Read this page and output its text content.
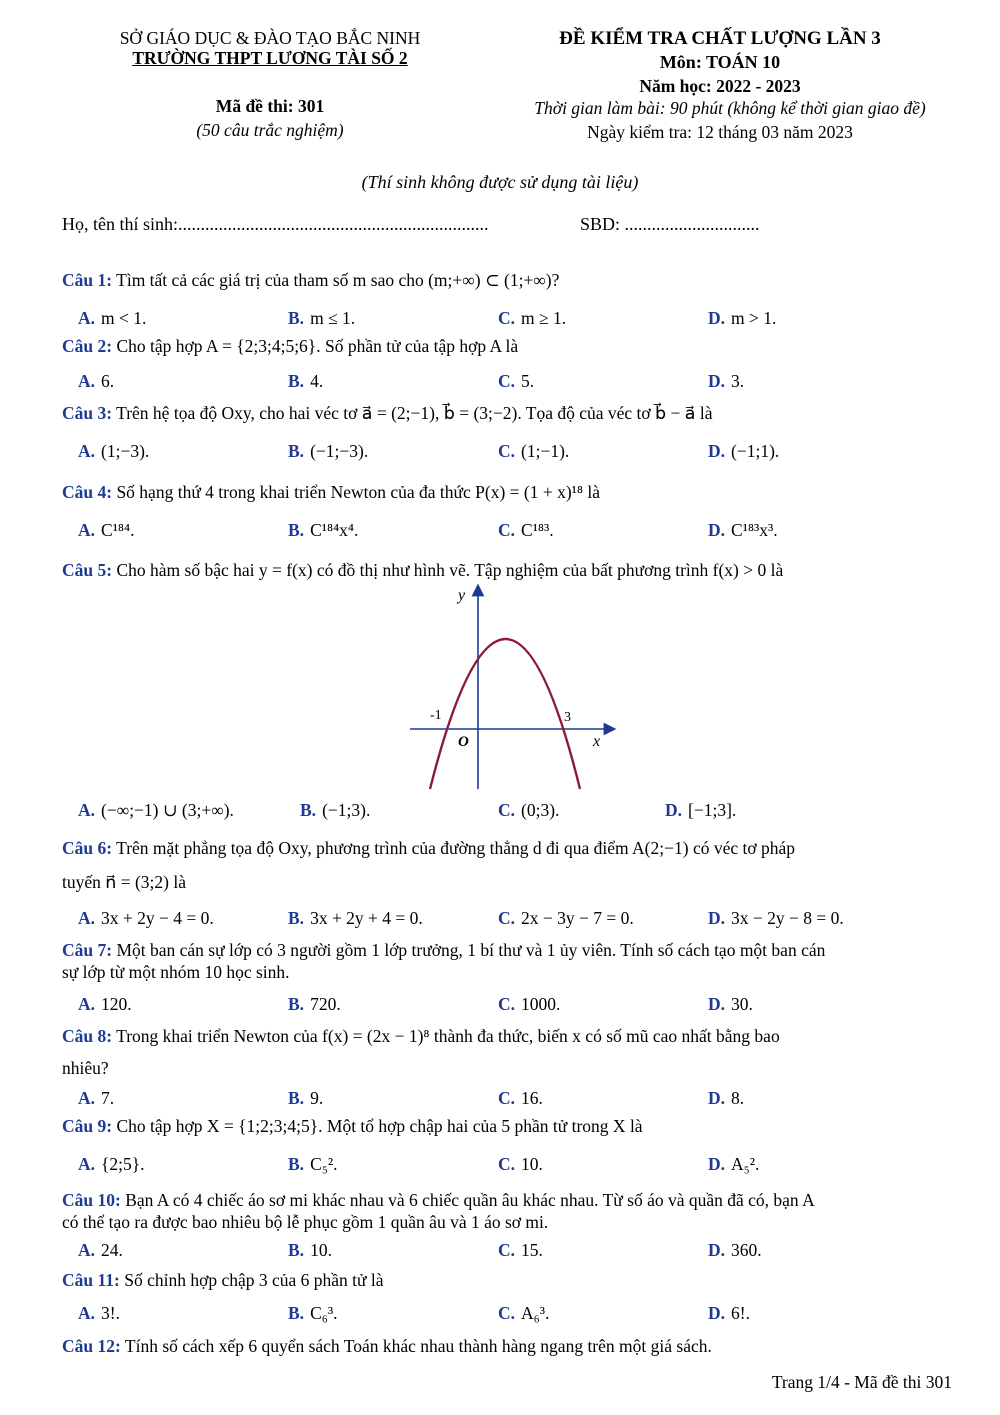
SỞ GIÁO DỤC & ĐÀO TẠO BẮC NINH
TRƯỜNG THPT LƯƠNG TÀI SỐ 2
ĐỀ KIỂM TRA CHẤT LƯỢNG LẦN 3
Môn: TOÁN 10
Năm học: 2022 - 2023
Mã đề thi: 301	Thời gian làm bài: 90 phút (không kể thời gian giao đề)
(50 câu trắc nghiệm)	Ngày kiểm tra: 12 tháng 03 năm 2023
(Thí sinh không được sử dụng tài liệu)
Họ, tên thí sinh:.....................................................................	SBD: ..............................
Câu 1: Tìm tất cả các giá trị của tham số m sao cho (m;+∞) ⊂ (1;+∞)?
A. m < 1.	B. m ≤ 1.	C. m ≥ 1.	D. m > 1.
Câu 2: Cho tập hợp A = {2;3;4;5;6}. Số phần tử của tập hợp A là
A. 6.	B. 4.	C. 5.	D. 3.
Câu 3: Trên hệ tọa độ Oxy, cho hai véc tơ a⃗ = (2;−1), b⃗ = (3;−2). Tọa độ của véc tơ b⃗ − a⃗ là
A. (1;−3).	B. (−1;−3).	C. (1;−1).	D. (−1;1).
Câu 4: Số hạng thứ 4 trong khai triển Newton của đa thức P(x) = (1 + x)¹⁸ là
A. C¹⁸⁴.	B. C¹⁸⁴x⁴.	C. C¹⁸³.	D. C¹⁸³x³.
Câu 5: Cho hàm số bậc hai y = f(x) có đồ thị như hình vẽ. Tập nghiệm của bất phương trình f(x) > 0 là
A. (−∞;−1) ∪ (3;+∞).	B. (−1;3).	C. (0;3).	D. [−1;3].
Câu 6: Trên mặt phẳng tọa độ Oxy, phương trình của đường thẳng d đi qua điểm A(2;−1) có véc tơ pháp
tuyến n⃗ = (3;2) là
A. 3x + 2y − 4 = 0.	B. 3x + 2y + 4 = 0.	C. 2x − 3y − 7 = 0.	D. 3x − 2y − 8 = 0.
Câu 7: Một ban cán sự lớp có 3 người gồm 1 lớp trưởng, 1 bí thư và 1 ủy viên. Tính số cách tạo một ban cán
sự lớp từ một nhóm 10 học sinh.
A. 120.	B. 720.	C. 1000.	D. 30.
Câu 8: Trong khai triển Newton của f(x) = (2x − 1)⁸ thành đa thức, biến x có số mũ cao nhất bằng bao
nhiêu?
A. 7.	B. 9.	C. 16.	D. 8.
Câu 9: Cho tập hợp X = {1;2;3;4;5}. Một tổ hợp chập hai của 5 phần tử trong X là
A. {2;5}.	B. C₅².	C. 10.	D. A₅².
Câu 10: Bạn A có 4 chiếc áo sơ mi khác nhau và 6 chiếc quần âu khác nhau. Từ số áo và quần đã có, bạn A
có thể tạo ra được bao nhiêu bộ lễ phục gồm 1 quần âu và 1 áo sơ mi.
A. 24.	B. 10.	C. 15.	D. 360.
Câu 11: Số chỉnh hợp chập 3 của 6 phần tử là
A. 3!.	B. C₆³.	C. A₆³.	D. 6!.
Câu 12: Tính số cách xếp 6 quyển sách Toán khác nhau thành hàng ngang trên một giá sách.
y
x
O
-1	3
Trang 1/4 - Mã đề thi 301
